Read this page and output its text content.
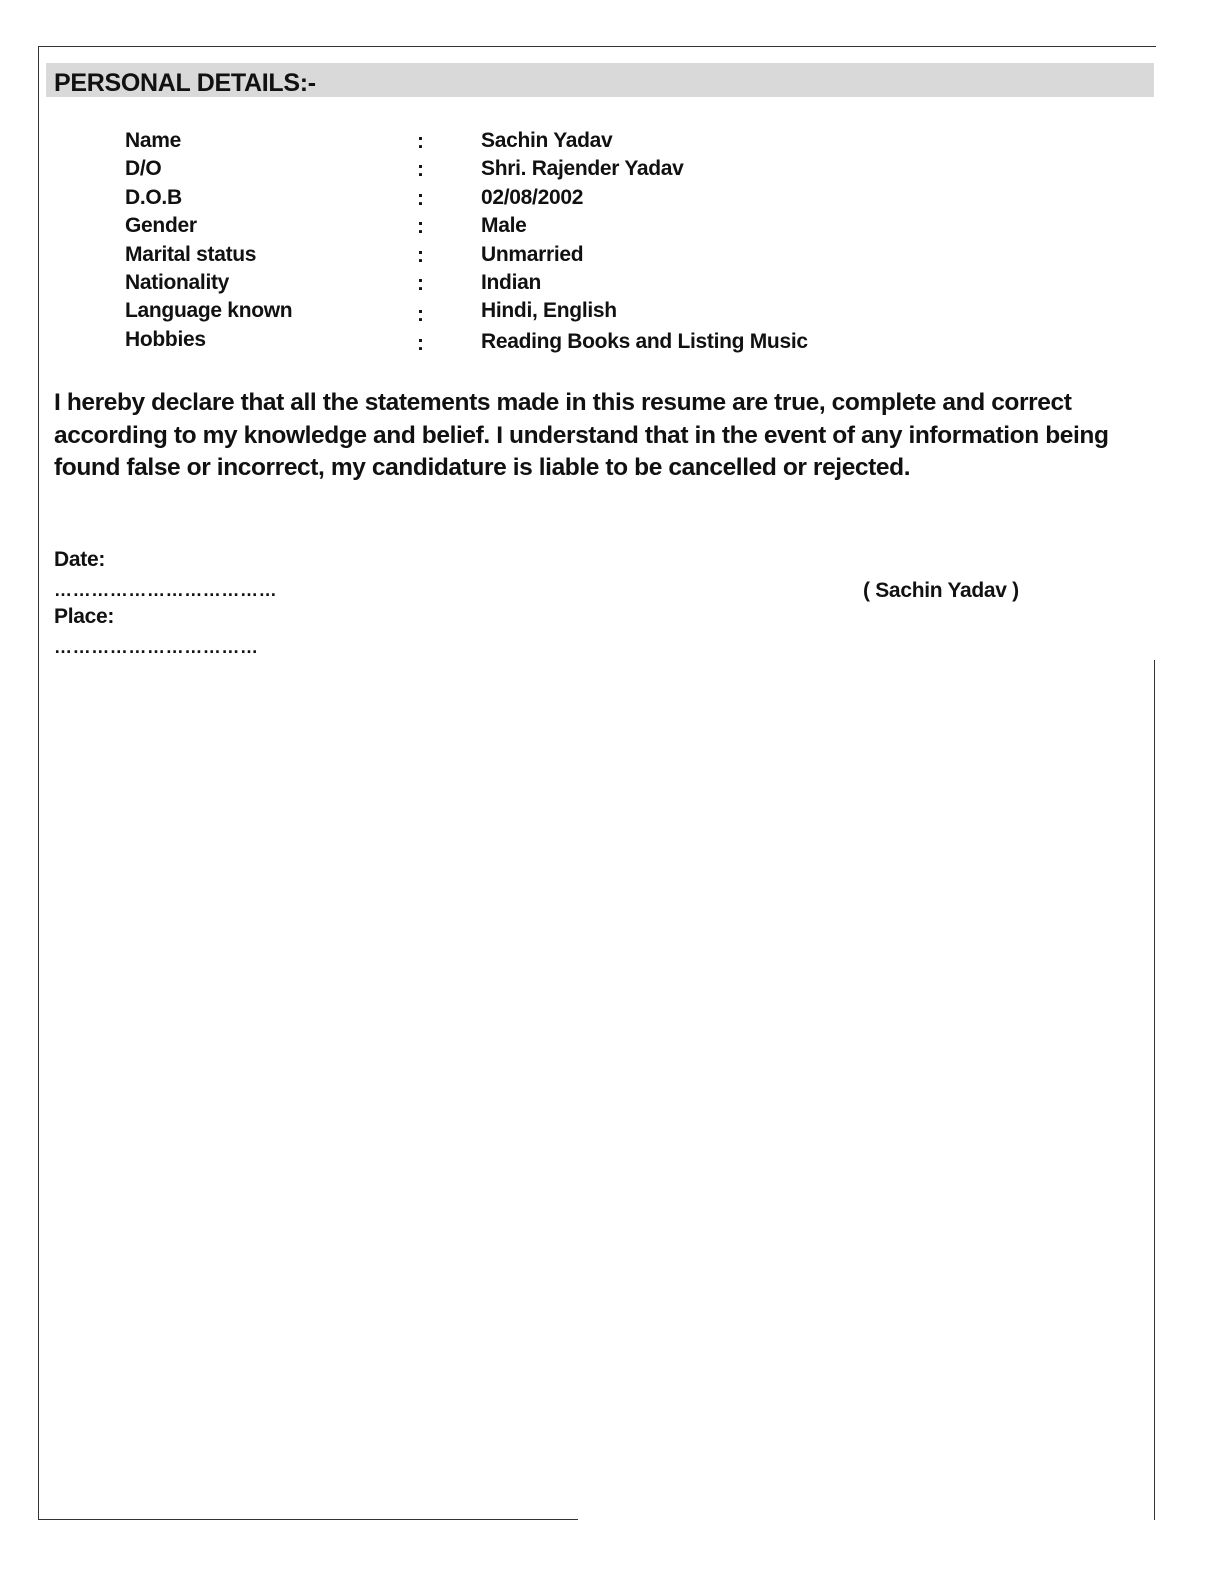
PERSONAL DETAILS:-
Name	:	Sachin Yadav
D/O	:	Shri. Rajender Yadav
D.O.B	:	02/08/2002
Gender	:	Male
Marital status	:	Unmarried
Nationality	:	Indian
Language known	:	Hindi, English
Hobbies	:	Reading Books and Listing Music
I hereby declare that all the statements made in this resume are true, complete and correct according to my knowledge and belief. I understand that in the event of any information being found false or incorrect, my candidature is liable to be cancelled or rejected.
Date:
………………………………
Place:
……………………………
( Sachin Yadav )
